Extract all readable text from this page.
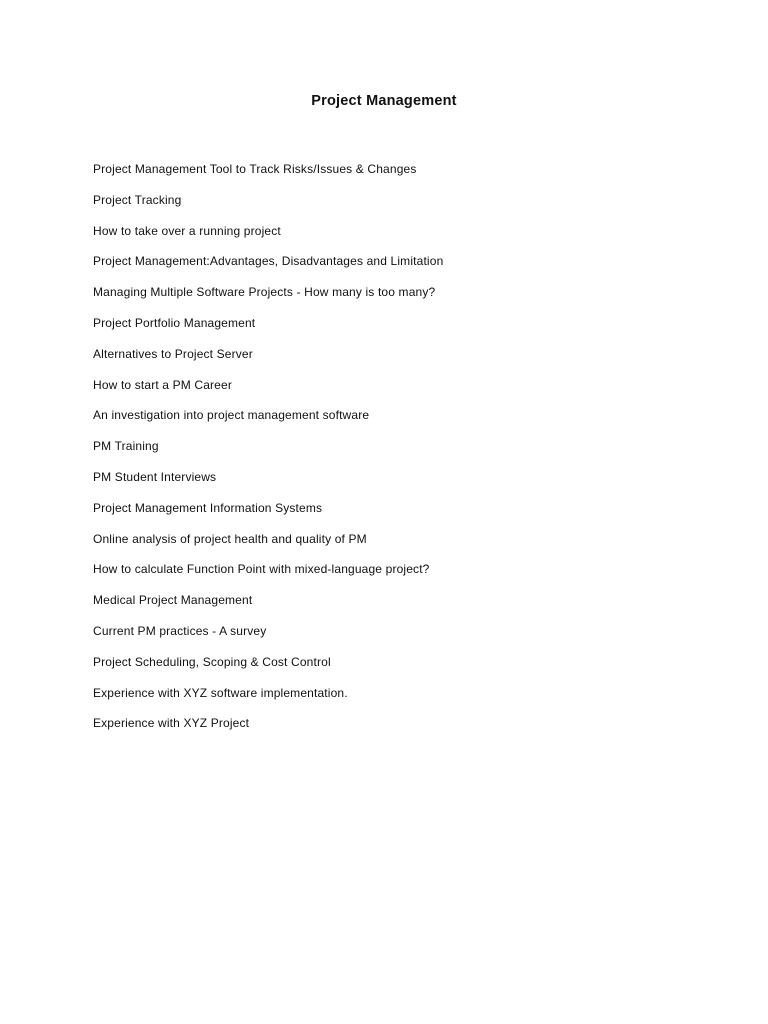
Project Management
Project Management Tool to Track Risks/Issues & Changes
Project Tracking
How to take over a running project
Project Management:Advantages, Disadvantages and Limitation
Managing Multiple Software Projects - How many is too many?
Project Portfolio Management
Alternatives to Project Server
How to start a PM Career
An investigation into project management software
PM Training
PM Student Interviews
Project Management Information Systems
Online analysis of project health and quality of PM
How to calculate Function Point with mixed-language project?
Medical Project Management
Current PM practices - A survey
Project Scheduling, Scoping & Cost Control
Experience with XYZ software implementation.
Experience with XYZ Project
